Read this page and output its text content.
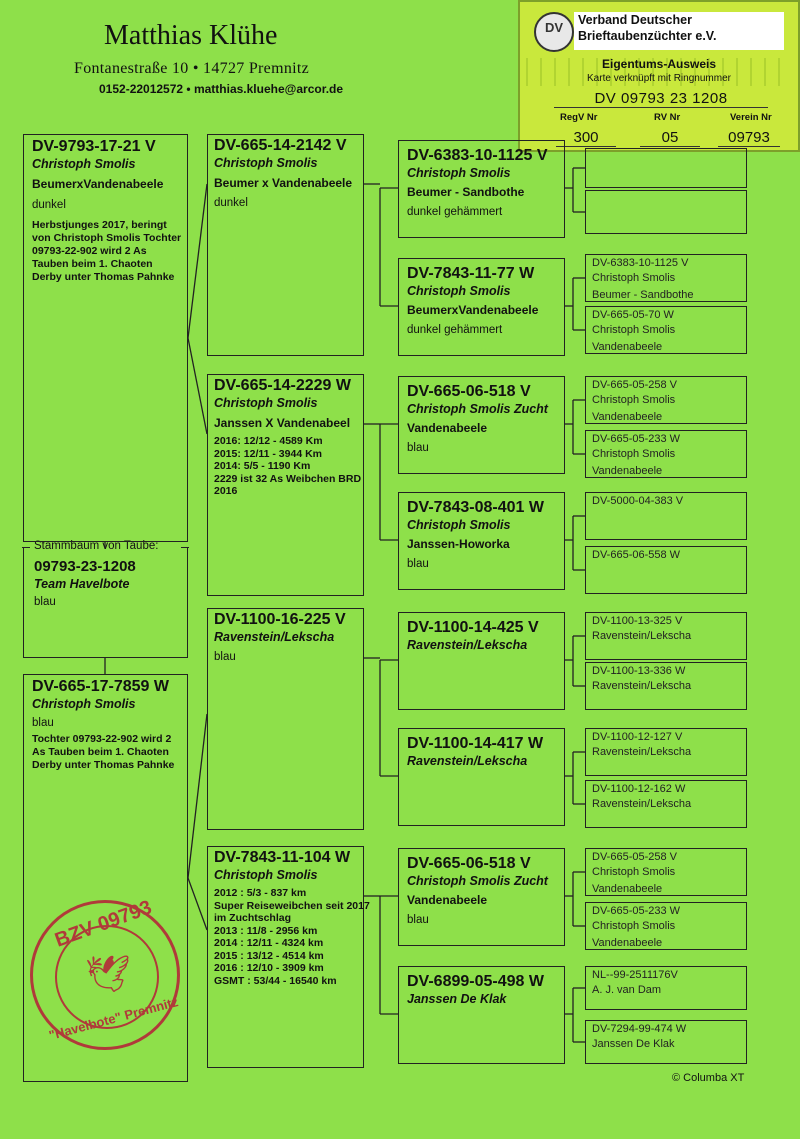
Matthias Klühe
Fontanestraße 10 • 14727 Premnitz
0152-22012572 • matthias.kluehe@arcor.de
DV Verband Deutscher
Brieftaubenzüchter e.V.
Eigentums-Ausweis
Karte verknüpft mit Ringnummer
DV 09793 23 1208
RegV Nr	RV Nr	Verein Nr
300	05	09793
Stammbaum von Taube:
09793-23-1208
Team Havelbote
blau
DV-9793-17-21 V
Christoph Smolis
BeumerxVandenabeele
dunkel
Herbstjunges 2017, beringt von Christoph Smolis Tochter 09793-22-902 wird 2 As Tauben beim 1. Chaoten Derby unter Thomas Pahnke
DV-665-17-7859 W
Christoph Smolis
blau
Tochter 09793-22-902 wird 2 As Tauben beim 1. Chaoten Derby unter Thomas Pahnke
DV-665-14-2142 V
Christoph Smolis
Beumer x Vandenabeele
dunkel
DV-665-14-2229 W
Christoph Smolis
Janssen X Vandenabeel
2016: 12/12 - 4589 Km
2015: 12/11 - 3944 Km
2014: 5/5 - 1190 Km
2229 ist 32 As Weibchen BRD
2016
DV-1100-16-225 V
Ravenstein/Lekscha
blau
DV-7843-11-104 W
Christoph Smolis
2012 : 5/3 - 837 km
Super Reiseweibchen seit 2017
im Zuchtschlag
2013 : 11/8 - 2956 km
2014 : 12/11 - 4324 km
2015 : 13/12 - 4514 km
2016 : 12/10 - 3909 km
GSMT : 53/44 - 16540 km
DV-6383-10-1125 V
Christoph Smolis
Beumer - Sandbothe
dunkel gehämmert
DV-7843-11-77 W
Christoph Smolis
BeumerxVandenabeele
dunkel gehämmert
DV-665-06-518 V
Christoph Smolis Zucht
Vandenabeele
blau
DV-7843-08-401 W
Christoph Smolis
Janssen-Howorka
blau
DV-1100-14-425 V
Ravenstein/Lekscha
DV-1100-14-417 W
Ravenstein/Lekscha
DV-665-06-518 V
Christoph Smolis Zucht
Vandenabeele
blau
DV-6899-05-498 W
Janssen De Klak
DV-6383-10-1125 V
Christoph Smolis
Beumer - Sandbothe
DV-665-05-70 W
Christoph Smolis
Vandenabeele
DV-665-05-258 V
Christoph Smolis
Vandenabeele
DV-665-05-233 W
Christoph Smolis
Vandenabeele
DV-5000-04-383 V
DV-665-06-558 W
DV-1100-13-325 V
Ravenstein/Lekscha
DV-1100-13-336 W
Ravenstein/Lekscha
DV-1100-12-127 V
Ravenstein/Lekscha
DV-1100-12-162 W
Ravenstein/Lekscha
DV-665-05-258 V
Christoph Smolis
Vandenabeele
DV-665-05-233 W
Christoph Smolis
Vandenabeele
NL--99-2511176V
A. J. van Dam
DV-7294-99-474 W
Janssen De Klak
BZV 09793
"Havelbote" Premnitz
🕊
© Columba XT
